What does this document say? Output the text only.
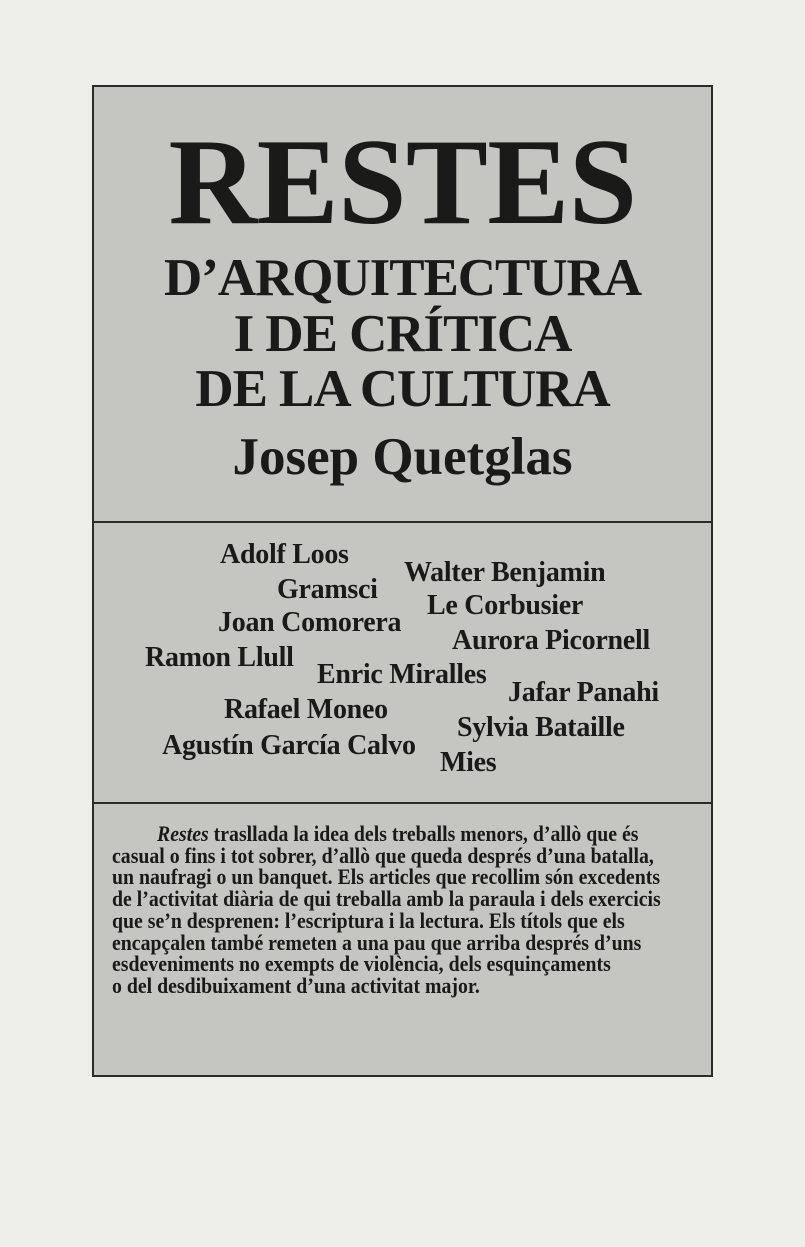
RESTES
D’ARQUITECTURA
I DE CRÍTICA
DE LA CULTURA
Josep Quetglas
Adolf Loos
Walter Benjamin
Gramsci
Le Corbusier
Joan Comorera
Aurora Picornell
Ramon Llull
Enric Miralles
Jafar Panahi
Rafael Moneo
Sylvia Bataille
Agustín García Calvo
Mies
Restes trasllada la idea dels treballs menors, d’allò que és
casual o fins i tot sobrer, d’allò que queda després d’una batalla,
un naufragi o un banquet. Els articles que recollim són excedents
de l’activitat diària de qui treballa amb la paraula i dels exercicis
que se’n desprenen: l’escriptura i la lectura. Els títols que els
encapçalen també remeten a una pau que arriba després d’uns
esdeveniments no exempts de violència, dels esquinçaments
o del desdibuixament d’una activitat major.
